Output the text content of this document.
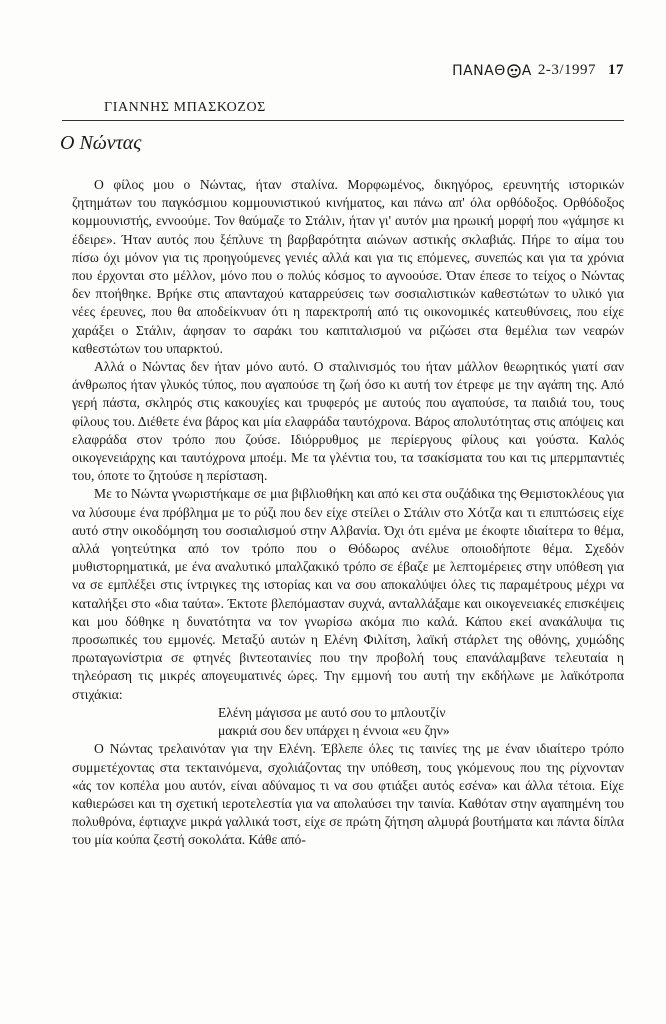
ΠΑΝΑΘ Α 2-3/1997 17
ΓΙΑΝΝΗΣ ΜΠΑΣΚΟΖΟΣ
Ο Νώντας

Ο φίλος μου ο Νώντας, ήταν σταλίνα. Μορφωμένος, δικηγόρος, ερευνητής ιστορικών ζητημάτων του παγκόσμιου κομμουνιστικού κινήματος, και πάνω απ' όλα ορθόδοξος. Ορθόδοξος κομμουνιστής, εννοούμε. Τον θαύμαζε το Στάλιν, ήταν γι' αυτόν μια ηρωική μορφή που «γάμησε κι έδειρε». Ήταν αυτός που ξέπλυνε τη βαρβαρότητα αιώνων αστικής σκλαβιάς. Πήρε το αίμα του πίσω όχι μόνον για τις προηγούμενες γενιές αλλά και για τις επόμενες, συνεπώς και για τα χρόνια που έρχονται στο μέλλον, μόνο που ο πολύς κόσμος το αγνοούσε. Όταν έπεσε το τείχος ο Νώντας δεν πτοήθηκε. Βρήκε στις απανταχού καταρρεύσεις των σοσιαλιστικών καθεστώτων το υλικό για νέες έρευνες, που θα αποδείκνυαν ότι η παρεκτροπή από τις οικονομικές κατευθύνσεις, που είχε χαράξει ο Στάλιν, άφησαν το σαράκι του καπιταλισμού να ριζώσει στα θεμέλια των νεαρών καθεστώτων του υπαρκτού.

Αλλά ο Νώντας δεν ήταν μόνο αυτό. Ο σταλινισμός του ήταν μάλλον θεωρητικός γιατί σαν άνθρωπος ήταν γλυκός τύπος, που αγαπούσε τη ζωή όσο κι αυτή τον έτρεφε με την αγάπη της. Από γερή πάστα, σκληρός στις κακουχίες και τρυφερός με αυτούς που αγαπούσε, τα παιδιά του, τους φίλους του. Διέθετε ένα βάρος και μία ελαφράδα ταυτόχρονα. Βάρος απολυτότητας στις απόψεις και ελαφράδα στον τρόπο που ζούσε. Ιδιόρρυθμος με περίεργους φίλους και γούστα. Καλός οικογενειάρχης και ταυτόχρονα μποέμ. Με τα γλέντια του, τα τσακίσματα του και τις μπερμπαντιές του, όποτε το ζητούσε η περίσταση.

Με το Νώντα γνωριστήκαμε σε μια βιβλιοθήκη και από κει στα ουζάδικα της Θεμιστοκλέους για να λύσουμε ένα πρόβλημα με το ρύζι που δεν είχε στείλει ο Στάλιν στο Χότζα και τι επιπτώσεις είχε αυτό στην οικοδόμηση του σοσιαλισμού στην Αλβανία. Όχι ότι εμένα με έκοφτε ιδιαίτερα το θέμα, αλλά γοητεύτηκα από τον τρόπο που ο Θόδωρος ανέλυε οποιοδήποτε θέμα. Σχεδόν μυθιστορηματικά, με ένα αναλυτικό μπαλζακικό τρόπο σε έβαζε με λεπτομέρειες στην υπόθεση για να σε εμπλέξει στις ίντριγκες της ιστορίας και να σου αποκαλύψει όλες τις παραμέτρους μέχρι να καταλήξει στο «δια ταύτα». Έκτοτε βλεπόμασταν συχνά, ανταλλάξαμε και οικογενειακές επισκέψεις και μου δόθηκε η δυνατότητα να τον γνωρίσω ακόμα πιο καλά. Κάπου εκεί ανακάλυψα τις προσωπικές του εμμονές. Μεταξύ αυτών η Ελένη Φιλίτση, λαϊκή στάρλετ της οθόνης, χυμώδης πρωταγωνίστρια σε φτηνές βιντεοταινίες που την προβολή τους επανάλαμβανε τελευταία η τηλεόραση τις μικρές απογευματινές ώρες. Την εμμονή του αυτή την εκδήλωνε με λαϊκότροπα στιχάκια:

Ελένη μάγισσα με αυτό σου το μπλουτζίν
μακριά σου δεν υπάρχει η έννοια «ευ ζην»

Ο Νώντας τρελαινόταν για την Ελένη. Έβλεπε όλες τις ταινίες της με έναν ιδιαίτερο τρόπο συμμετέχοντας στα τεκταινόμενα, σχολιάζοντας την υπόθεση, τους γκόμενους που της ρίχνονταν «άς τον κοπέλα μου αυτόν, είναι αδύναμος τι να σου φτιάξει αυτός εσένα» και άλλα τέτοια. Είχε καθιερώσει και τη σχετική ιεροτελεστία για να απολαύσει την ταινία. Καθόταν στην αγαπημένη του πολυθρόνα, έφτιαχνε μικρά γαλλικά τοστ, είχε σε πρώτη ζήτηση αλμυρά βουτήματα και πάντα δίπλα του μία κούπα ζεστή σοκολάτα. Κάθε από-
